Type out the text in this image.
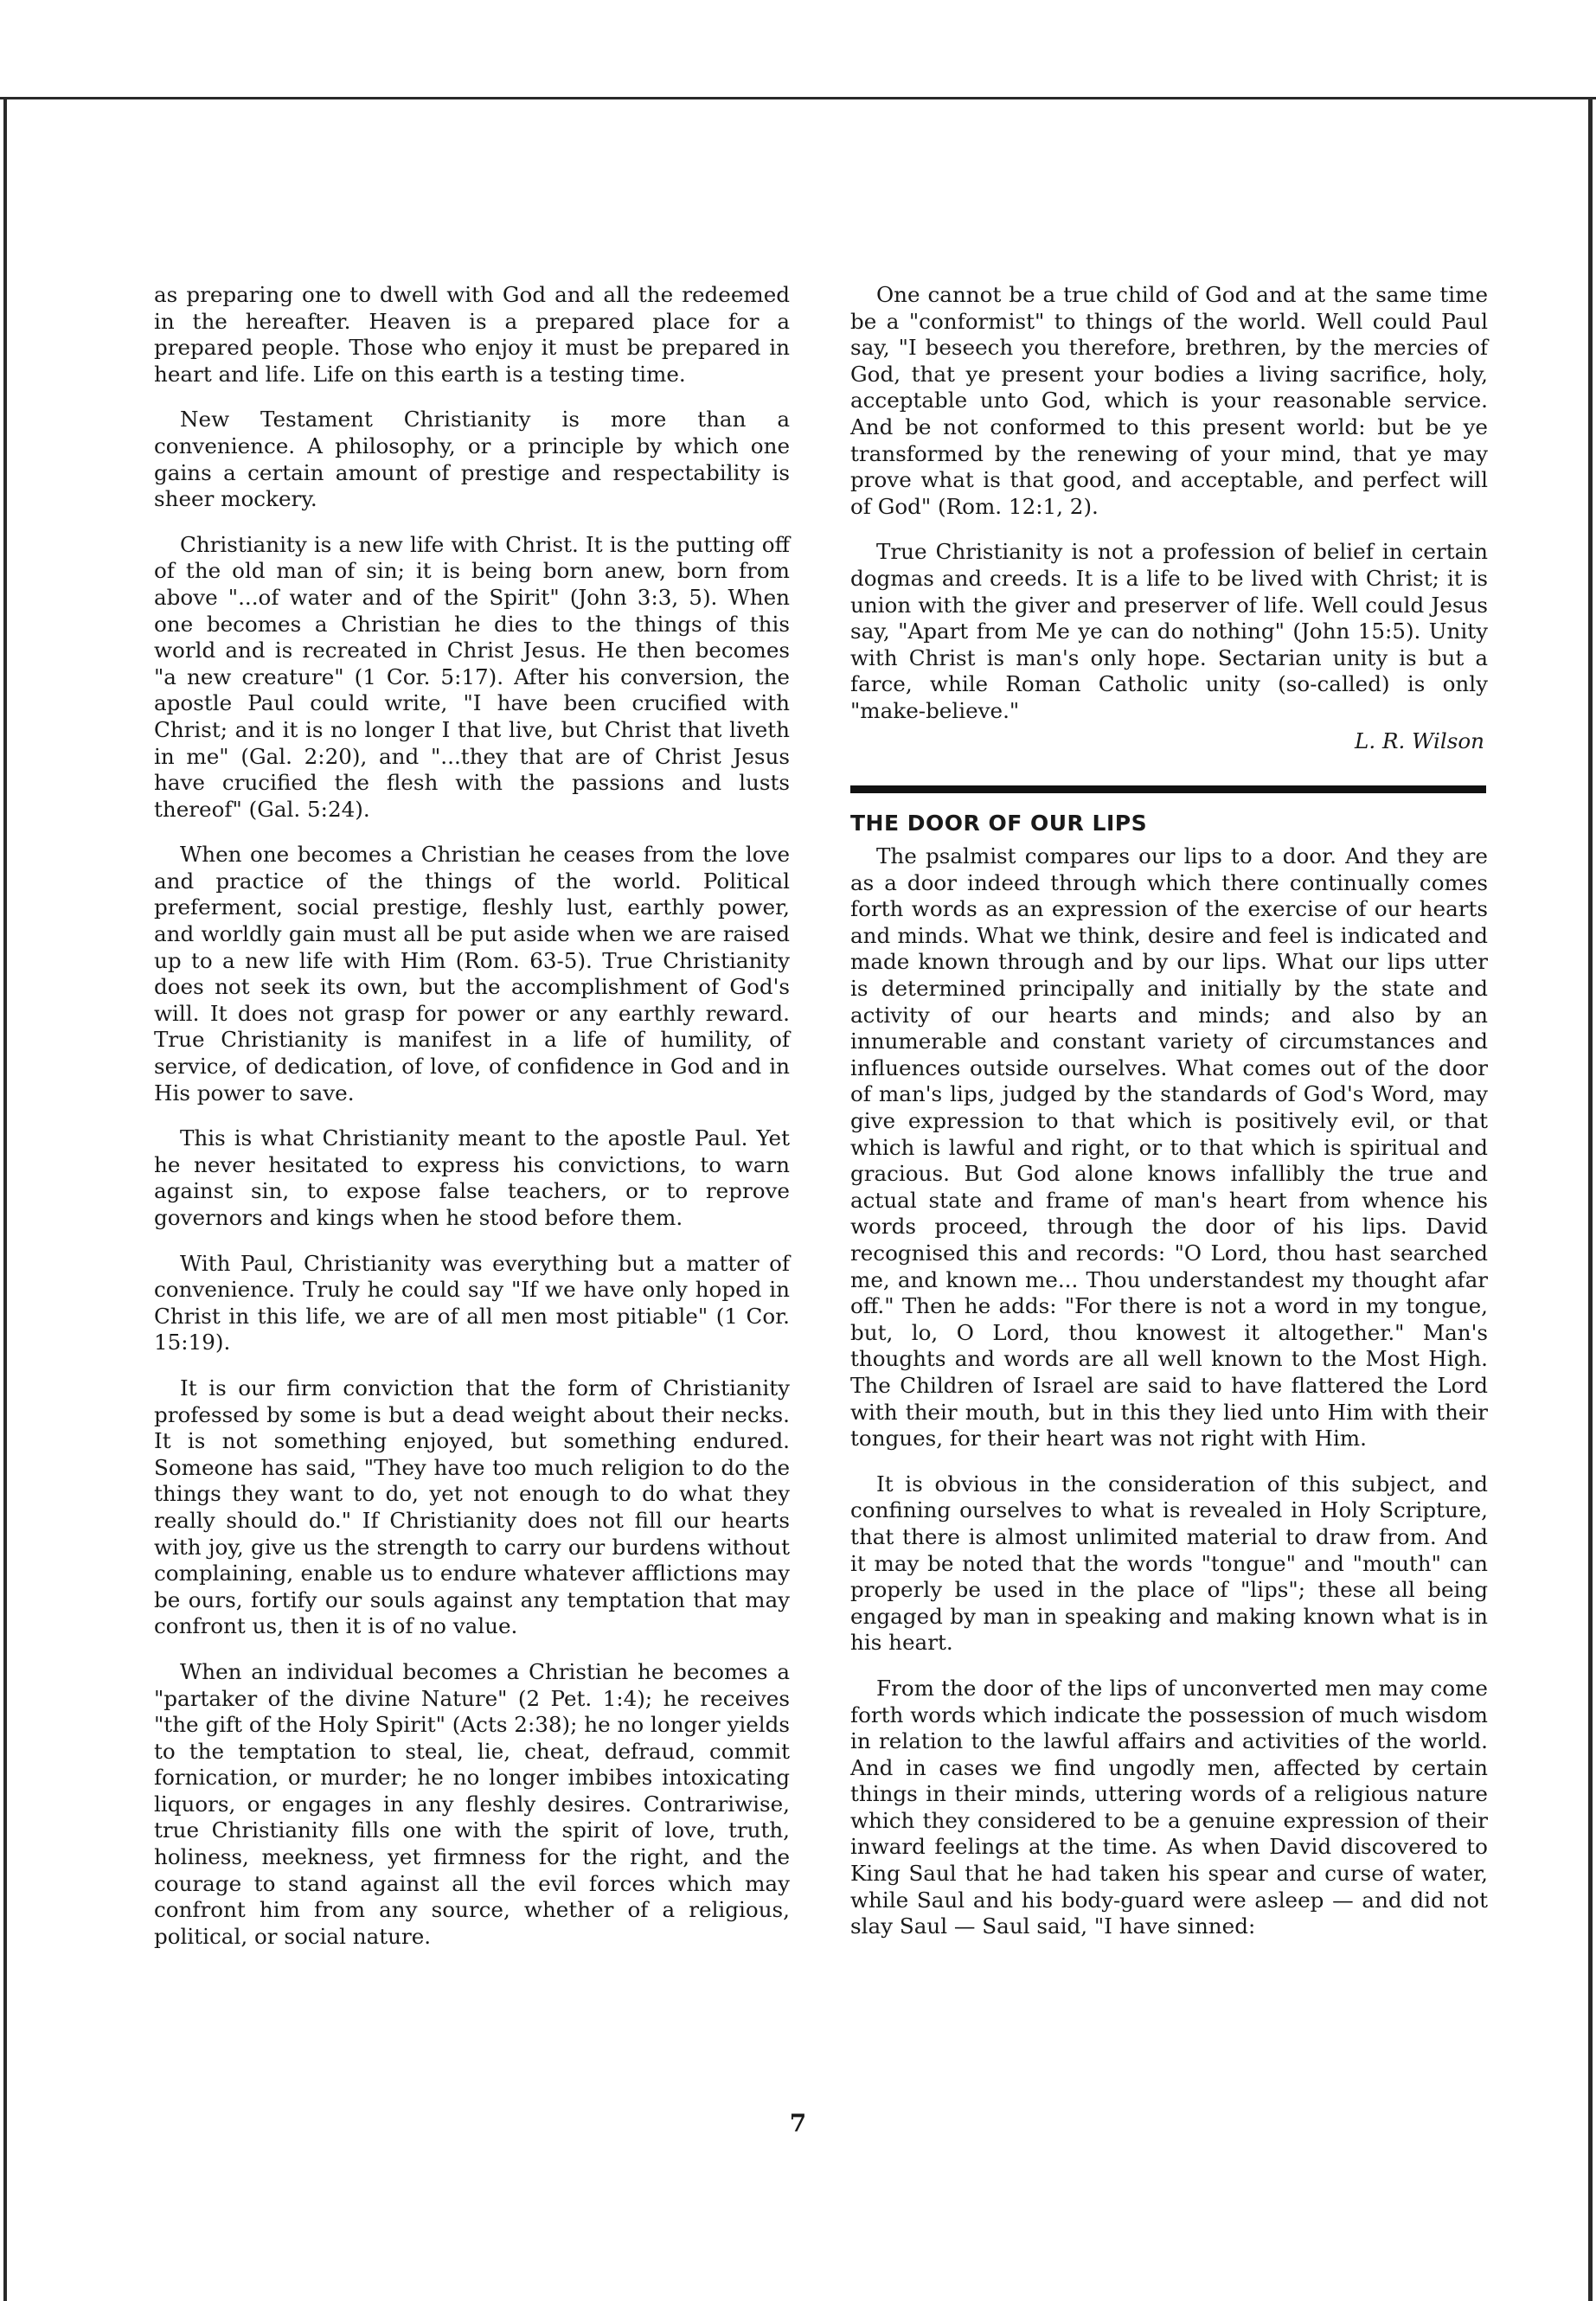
as preparing one to dwell with God and all the redeemed in the hereafter. Heaven is a prepared place for a prepared people. Those who enjoy it must be prepared in heart and life. Life on this earth is a testing time.

New Testament Christianity is more than a convenience. A philosophy, or a principle by which one gains a certain amount of prestige and respectability is sheer mockery.

Christianity is a new life with Christ. It is the putting off of the old man of sin; it is being born anew, born from above "...of water and of the Spirit" (John 3:3, 5). When one becomes a Christian he dies to the things of this world and is recreated in Christ Jesus. He then becomes "a new creature" (1 Cor. 5:17). After his conversion, the apostle Paul could write, "I have been crucified with Christ; and it is no longer I that live, but Christ that liveth in me" (Gal. 2:20), and "...they that are of Christ Jesus have crucified the flesh with the passions and lusts thereof" (Gal. 5:24).

When one becomes a Christian he ceases from the love and practice of the things of the world. Political preferment, social prestige, fleshly lust, earthly power, and worldly gain must all be put aside when we are raised up to a new life with Him (Rom. 63-5). True Christianity does not seek its own, but the accomplishment of God's will. It does not grasp for power or any earthly reward. True Christianity is manifest in a life of humility, of service, of dedication, of love, of confidence in God and in His power to save.

This is what Christianity meant to the apostle Paul. Yet he never hesitated to express his convictions, to warn against sin, to expose false teachers, or to reprove governors and kings when he stood before them.

With Paul, Christianity was everything but a matter of convenience. Truly he could say "If we have only hoped in Christ in this life, we are of all men most pitiable" (1 Cor. 15:19).

It is our firm conviction that the form of Christianity professed by some is but a dead weight about their necks. It is not something enjoyed, but something endured. Someone has said, "They have too much religion to do the things they want to do, yet not enough to do what they really should do." If Christianity does not fill our hearts with joy, give us the strength to carry our burdens without complaining, enable us to endure whatever afflictions may be ours, fortify our souls against any temptation that may confront us, then it is of no value.

When an individual becomes a Christian he becomes a "partaker of the divine Nature" (2 Pet. 1:4); he receives "the gift of the Holy Spirit" (Acts 2:38); he no longer yields to the temptation to steal, lie, cheat, defraud, commit fornication, or murder; he no longer imbibes intoxicating liquors, or engages in any fleshly desires. Contrariwise, true Christianity fills one with the spirit of love, truth, holiness, meekness, yet firmness for the right, and the courage to stand against all the evil forces which may confront him from any source, whether of a religious, political, or social nature.

One cannot be a true child of God and at the same time be a "conformist" to things of the world. Well could Paul say, "I beseech you therefore, brethren, by the mercies of God, that ye present your bodies a living sacrifice, holy, acceptable unto God, which is your reasonable service. And be not conformed to this present world: but be ye transformed by the renewing of your mind, that ye may prove what is that good, and acceptable, and perfect will of God" (Rom. 12:1, 2).

True Christianity is not a profession of belief in certain dogmas and creeds. It is a life to be lived with Christ; it is union with the giver and preserver of life. Well could Jesus say, "Apart from Me ye can do nothing" (John 15:5). Unity with Christ is man's only hope. Sectarian unity is but a farce, while Roman Catholic unity (so-called) is only "make-believe."

L. R. Wilson
THE DOOR OF OUR LIPS

The psalmist compares our lips to a door. And they are as a door indeed through which there continually comes forth words as an expression of the exercise of our hearts and minds. What we think, desire and feel is indicated and made known through and by our lips. What our lips utter is determined principally and initially by the state and activity of our hearts and minds; and also by an innumerable and constant variety of circumstances and influences outside ourselves. What comes out of the door of man's lips, judged by the standards of God's Word, may give expression to that which is positively evil, or that which is lawful and right, or to that which is spiritual and gracious. But God alone knows infallibly the true and actual state and frame of man's heart from whence his words proceed, through the door of his lips. David recognised this and records: "O Lord, thou hast searched me, and known me... Thou understandest my thought afar off." Then he adds: "For there is not a word in my tongue, but, lo, O Lord, thou knowest it altogether." Man's thoughts and words are all well known to the Most High. The Children of Israel are said to have flattered the Lord with their mouth, but in this they lied unto Him with their tongues, for their heart was not right with Him.

It is obvious in the consideration of this subject, and confining ourselves to what is revealed in Holy Scripture, that there is almost unlimited material to draw from. And it may be noted that the words "tongue" and "mouth" can properly be used in the place of "lips"; these all being engaged by man in speaking and making known what is in his heart.

From the door of the lips of unconverted men may come forth words which indicate the possession of much wisdom in relation to the lawful affairs and activities of the world. And in cases we find ungodly men, affected by certain things in their minds, uttering words of a religious nature which they considered to be a genuine expression of their inward feelings at the time. As when David discovered to King Saul that he had taken his spear and curse of water, while Saul and his body-guard were asleep — and did not slay Saul — Saul said, "I have sinned:

7
